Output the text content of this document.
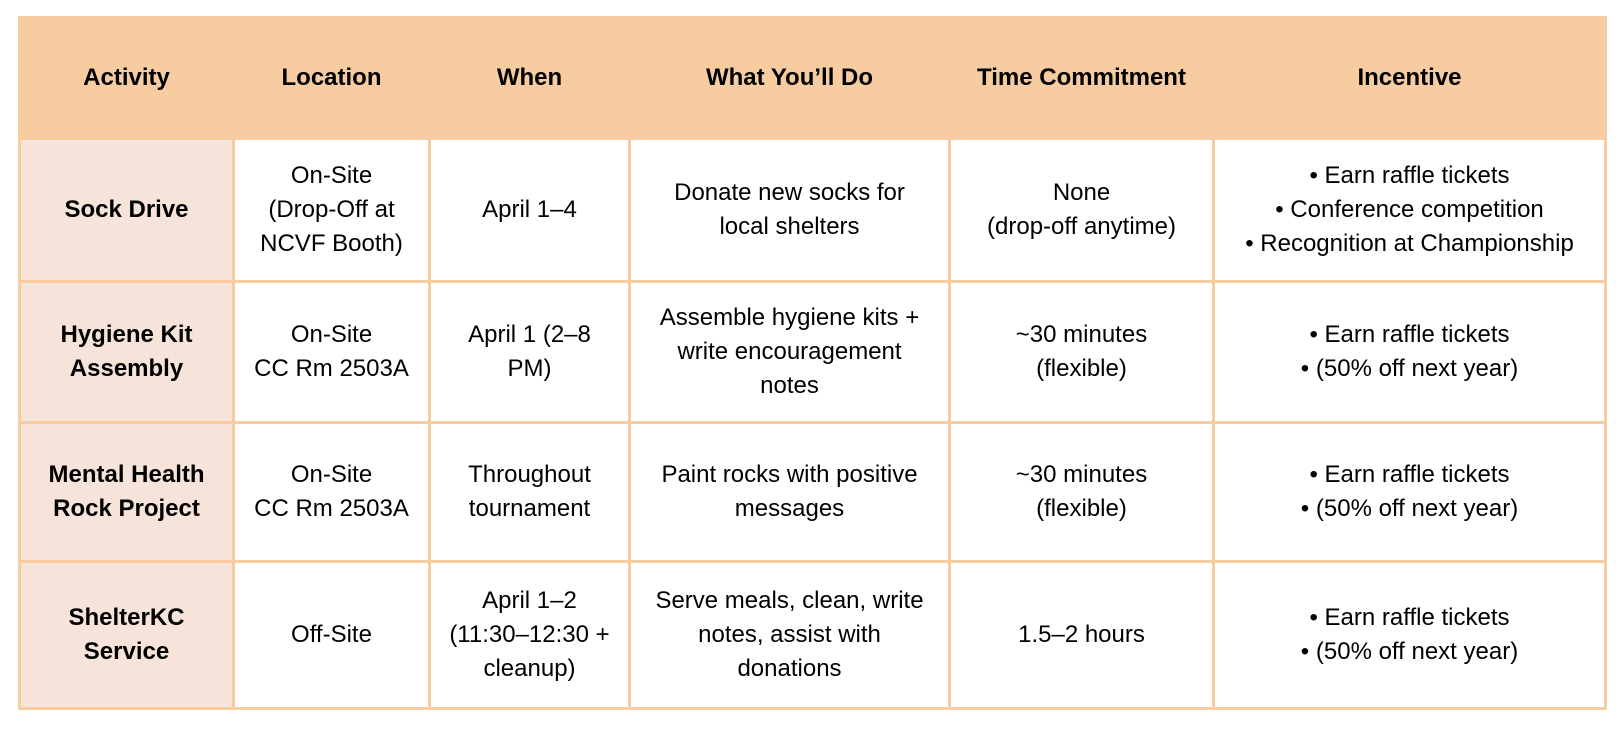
Activity	Location	When	What You’ll Do	Time Commitment	Incentive
Sock Drive	On-Site
(Drop-Off at
NCVF Booth)	April 1–4	Donate new socks for
local shelters	None
(drop-off anytime)	• Earn raffle tickets
• Conference competition
• Recognition at Championship

Hygiene Kit Assembly	On-Site
CC Rm 2503A	April 1 (2–8
PM)	Assemble hygiene kits +
write encouragement
notes	~30 minutes
(flexible)	• Earn raffle tickets
• (50% off next year)

Mental Health Rock Project	On-Site
CC Rm 2503A	Throughout
tournament	Paint rocks with positive
messages	~30 minutes
(flexible)	• Earn raffle tickets
• (50% off next year)

ShelterKC Service	Off-Site	April 1–2
(11:30–12:30 +
cleanup)	Serve meals, clean, write
notes, assist with
donations	1.5–2 hours	• Earn raffle tickets
• (50% off next year)
